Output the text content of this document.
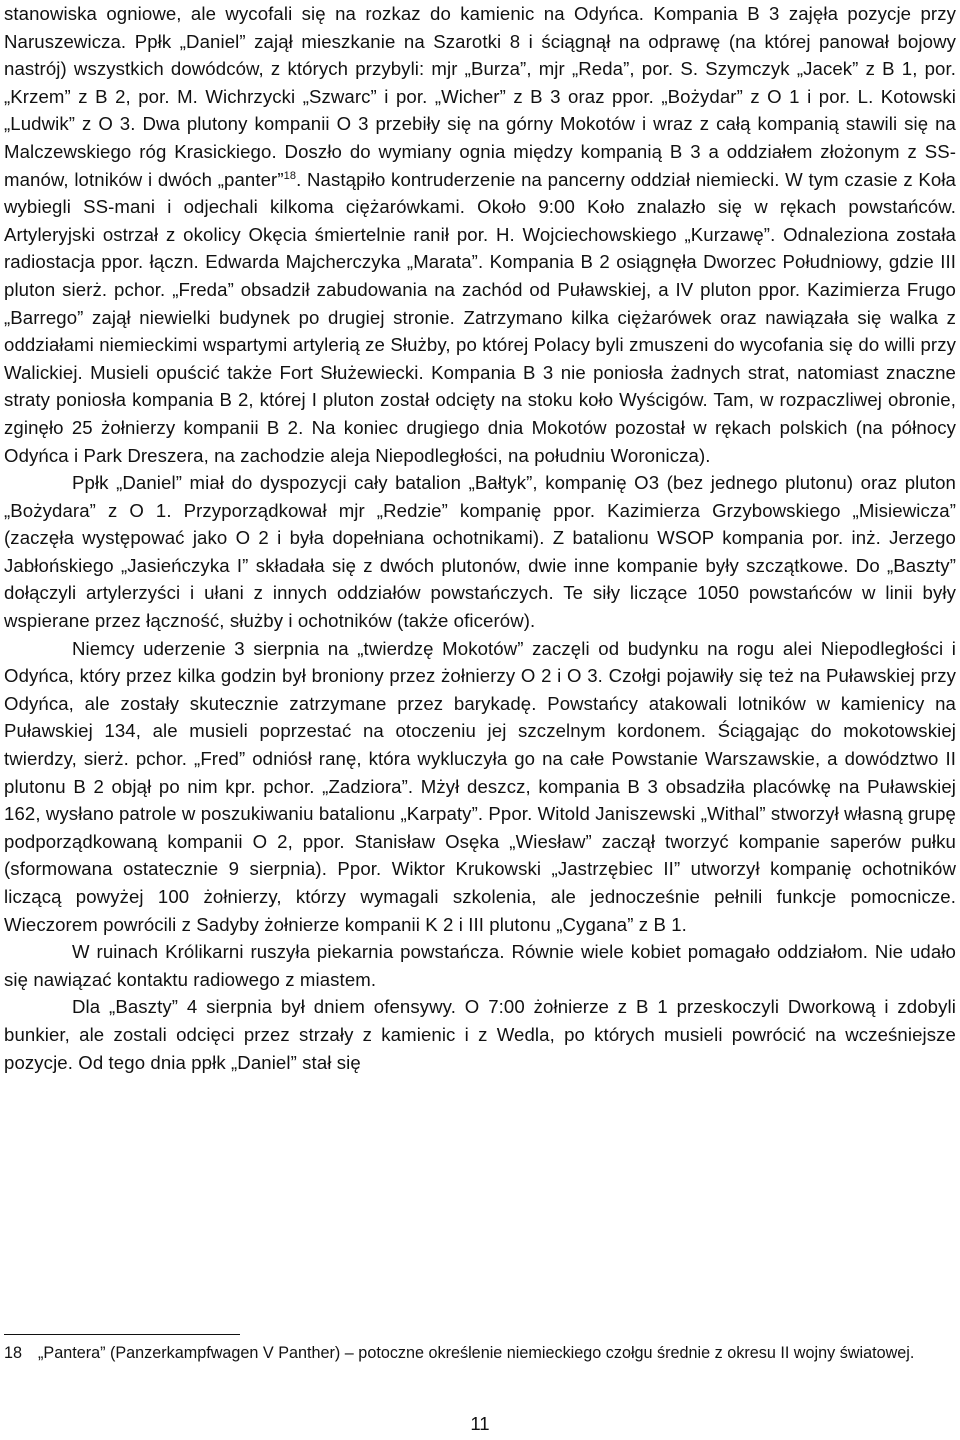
stanowiska ogniowe, ale wycofali się na rozkaz do kamienic na Odyńca. Kompania B 3 zajęła pozycje przy Naruszewicza. Ppłk „Daniel” zajął mieszkanie na Szarotki 8 i ściągnął na odprawę (na której panował bojowy nastrój) wszystkich dowódców, z których przybyli: mjr „Burza”, mjr „Reda”, por. S. Szymczyk „Jacek” z B 1, por. „Krzem” z B 2, por. M. Wichrzycki „Szwarc” i por. „Wicher” z B 3 oraz ppor. „Bożydar” z O 1 i por. L. Kotowski „Ludwik” z O 3. Dwa plutony kompanii O 3 przebiły się na górny Mokotów i wraz z całą kompanią stawili się na Malczewskiego róg Krasickiego. Doszło do wymiany ognia między kompanią B 3 a oddziałem złożonym z SS-manów, lotników i dwóch „panter”$^{18}$. Nastąpiło kontruderzenie na pancerny oddział niemiecki. W tym czasie z Koła wybiegli SS-mani i odjechali kilkoma ciężarówkami. Około 9:00 Koło znalazło się w rękach powstańców. Artyleryjski ostrzał z okolicy Okęcia śmiertelnie ranił por. H. Wojciechowskiego „Kurzawę”. Odnaleziona została radiostacja ppor. łączn. Edwarda Majcherczyka „Marata”. Kompania B 2 osiągnęła Dworzec Południowy, gdzie III pluton sierż. pchor. „Freda” obsadził zabudowania na zachód od Puławskiej, a IV pluton ppor. Kazimierza Frugo „Barrego” zajął niewielki budynek po drugiej stronie. Zatrzymano kilka ciężarówek oraz nawiązała się walka z oddziałami niemieckimi wspartymi artylerią ze Służby, po której Polacy byli zmuszeni do wycofania się do willi przy Walickiej. Musieli opuścić także Fort Służewiecki. Kompania B 3 nie poniosła żadnych strat, natomiast znaczne straty poniosła kompania B 2, której I pluton został odcięty na stoku koło Wyścigów. Tam, w rozpaczliwej obronie, zginęło 25 żołnierzy kompanii B 2. Na koniec drugiego dnia Mokotów pozostał w rękach polskich (na północy Odyńca i Park Dreszera, na zachodzie aleja Niepodległości, na południu Woronicza).

Ppłk „Daniel” miał do dyspozycji cały batalion „Bałtyk”, kompanię O3 (bez jednego plutonu) oraz pluton „Bożydara” z O 1. Przyporządkował mjr „Redzie” kompanię ppor. Kazimierza Grzybowskiego „Misiewicza” (zaczęła występować jako O 2 i była dopełniana ochotnikami). Z batalionu WSOP kompania por. inż. Jerzego Jabłońskiego „Jasieńczyka I” składała się z dwóch plutonów, dwie inne kompanie były szczątkowe. Do „Baszty” dołączyli artylerzyści i ułani z innych oddziałów powstańczych. Te siły liczące 1050 powstańców w linii były wspierane przez łączność, służby i ochotników (także oficerów).

Niemcy uderzenie 3 sierpnia na „twierdzę Mokotów” zaczęli od budynku na rogu alei Niepodległości i Odyńca, który przez kilka godzin był broniony przez żołnierzy O 2 i O 3. Czołgi pojawiły się też na Puławskiej przy Odyńca, ale zostały skutecznie zatrzymane przez barykadę. Powstańcy atakowali lotników w kamienicy na Puławskiej 134, ale musieli poprzestać na otoczeniu jej szczelnym kordonem. Ściągając do mokotowskiej twierdzy, sierż. pchor. „Fred” odniósł ranę, która wykluczyła go na całe Powstanie Warszawskie, a dowództwo II plutonu B 2 objął po nim kpr. pchor. „Zadziora”. Mżył deszcz, kompania B 3 obsadziła placówkę na Puławskiej 162, wysłano patrole w poszukiwaniu batalionu „Karpaty”. Ppor. Witold Janiszewski „Withal” stworzył własną grupę podporządkowaną kompanii O 2, ppor. Stanisław Osęka „Wiesław” zaczął tworzyć kompanie saperów pułku (sformowana ostatecznie 9 sierpnia). Ppor. Wiktor Krukowski „Jastrzębiec II” utworzył kompanię ochotników liczącą powyżej 100 żołnierzy, którzy wymagali szkolenia, ale jednocześnie pełnili funkcje pomocnicze. Wieczorem powrócili z Sadyby żołnierze kompanii K 2 i III plutonu „Cygana” z B 1.

W ruinach Królikarni ruszyła piekarnia powstańcza. Równie wiele kobiet pomagało oddziałom. Nie udało się nawiązać kontaktu radiowego z miastem.

Dla „Baszty” 4 sierpnia był dniem ofensywy. O 7:00 żołnierze z B 1 przeskoczyli Dworkową i zdobyli bunkier, ale zostali odcięci przez strzały z kamienic i z Wedla, po których musieli powrócić na wcześniejsze pozycje. Od tego dnia ppłk „Daniel” stał się

18 „Pantera” (Panzerkampfwagen V Panther) – potoczne określenie niemieckiego czołgu średnie z okresu II wojny światowej.
11
